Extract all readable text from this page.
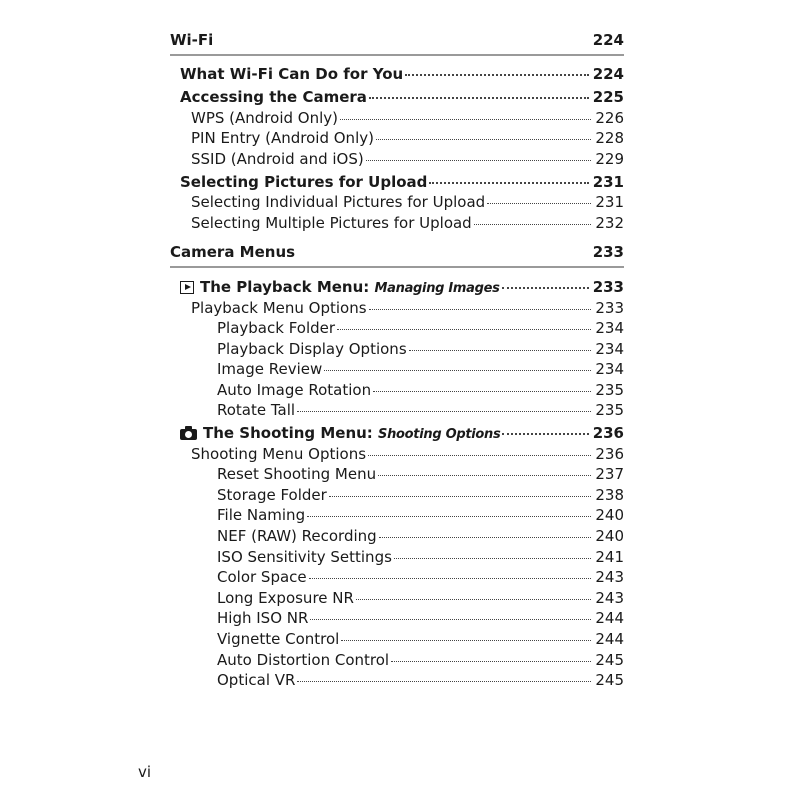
Wi-Fi	224
What Wi-Fi Can Do for You	224
Accessing the Camera	225
WPS (Android Only)	226
PIN Entry (Android Only)	228
SSID (Android and iOS)	229
Selecting Pictures for Upload	231
Selecting Individual Pictures for Upload	231
Selecting Multiple Pictures for Upload	232
Camera Menus	233
The Playback Menu: Managing Images	233
Playback Menu Options	233
Playback Folder	234
Playback Display Options	234
Image Review	234
Auto Image Rotation	235
Rotate Tall	235
The Shooting Menu: Shooting Options	236
Shooting Menu Options	236
Reset Shooting Menu	237
Storage Folder	238
File Naming	240
NEF (RAW) Recording	240
ISO Sensitivity Settings	241
Color Space	243
Long Exposure NR	243
High ISO NR	244
Vignette Control	244
Auto Distortion Control	245
Optical VR	245
vi
